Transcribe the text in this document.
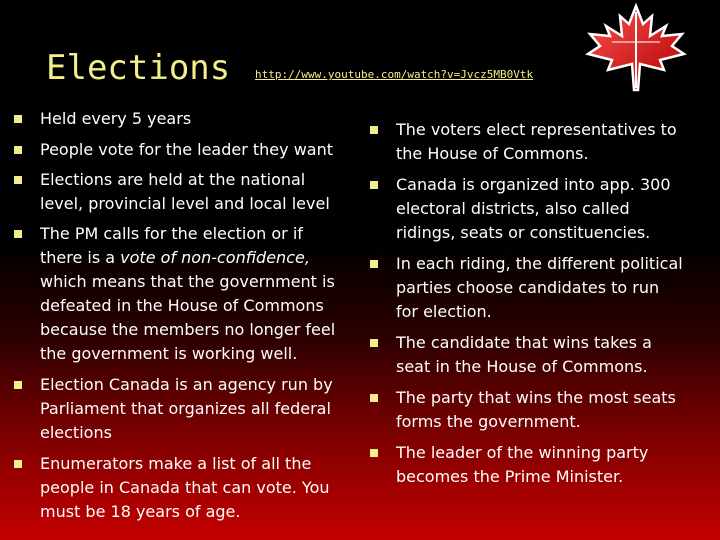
Elections http://www.youtube.com/watch?v=Jvcz5MB0Vtk
Held every 5 years
People vote for the leader they want
Elections are held at the national level, provincial level and local level
The PM calls for the election or if there is a vote of non-confidence, which means that the government is defeated in the House of Commons because the members no longer feel the government is working well.
Election Canada is an agency run by Parliament that organizes all federal elections
Enumerators make a list of all the people in Canada that can vote. You must be 18 years of age.
The voters elect representatives to the House of Commons.
Canada is organized into app. 300 electoral districts, also called ridings, seats or constituencies.
In each riding, the different political parties choose candidates to run for election.
The candidate that wins takes a seat in the House of Commons.
The party that wins the most seats forms the government.
The leader of the winning party becomes the Prime Minister.
